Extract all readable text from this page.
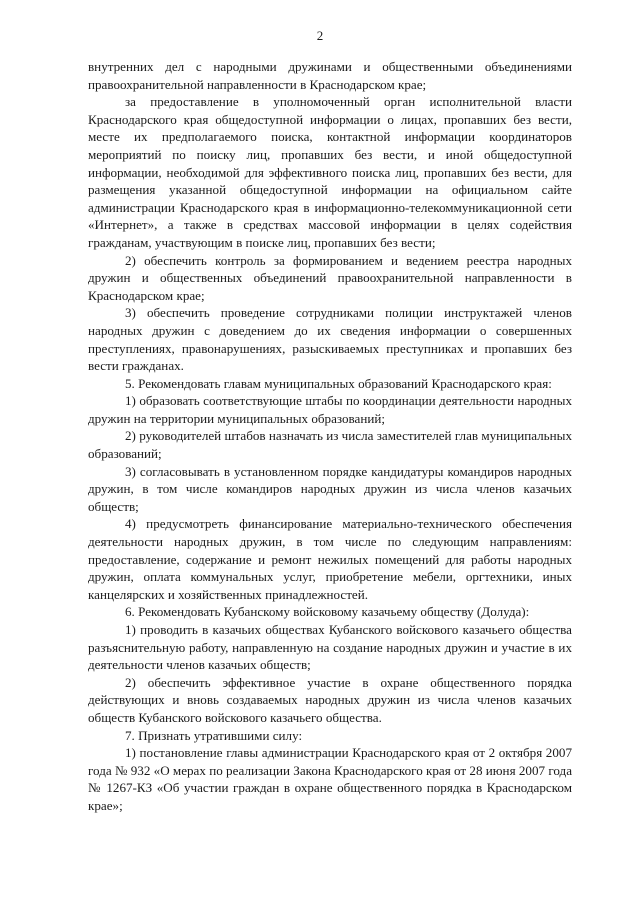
2

внутренних дел с народными дружинами и общественными объединениями правоохранительной направленности в Краснодарском крае;

за предоставление в уполномоченный орган исполнительной власти Краснодарского края общедоступной информации о лицах, пропавших без вести, месте их предполагаемого поиска, контактной информации координаторов мероприятий по поиску лиц, пропавших без вести, и иной общедоступной информации, необходимой для эффективного поиска лиц, пропавших без вести, для размещения указанной общедоступной информации на официальном сайте администрации Краснодарского края в информационно-телекоммуникационной сети «Интернет», а также в средствах массовой информации в целях содействия гражданам, участвующим в поиске лиц, пропавших без вести;

2) обеспечить контроль за формированием и ведением реестра народных дружин и общественных объединений правоохранительной направленности в Краснодарском крае;

3) обеспечить проведение сотрудниками полиции инструктажей членов народных дружин с доведением до их сведения информации о совершенных преступлениях, правонарушениях, разыскиваемых преступниках и пропавших без вести гражданах.

5. Рекомендовать главам муниципальных образований Краснодарского края:

1) образовать соответствующие штабы по координации деятельности народных дружин на территории муниципальных образований;

2) руководителей штабов назначать из числа заместителей глав муниципальных образований;

3) согласовывать в установленном порядке кандидатуры командиров народных дружин, в том числе командиров народных дружин из числа членов казачьих обществ;

4) предусмотреть финансирование материально-технического обеспечения деятельности народных дружин, в том числе по следующим направлениям: предоставление, содержание и ремонт нежилых помещений для работы народных дружин, оплата коммунальных услуг, приобретение мебели, оргтехники, иных канцелярских и хозяйственных принадлежностей.

6. Рекомендовать Кубанскому войсковому казачьему обществу (Долуда):

1) проводить в казачьих обществах Кубанского войскового казачьего общества разъяснительную работу, направленную на создание народных дружин и участие в их деятельности членов казачьих обществ;

2) обеспечить эффективное участие в охране общественного порядка действующих и вновь создаваемых народных дружин из числа членов казачьих обществ Кубанского войскового казачьего общества.

7. Признать утратившими силу:

1) постановление главы администрации Краснодарского края от 2 октября 2007 года № 932 «О мерах по реализации Закона Краснодарского края от 28 июня 2007 года № 1267-КЗ «Об участии граждан в охране общественного порядка в Краснодарском крае»;
